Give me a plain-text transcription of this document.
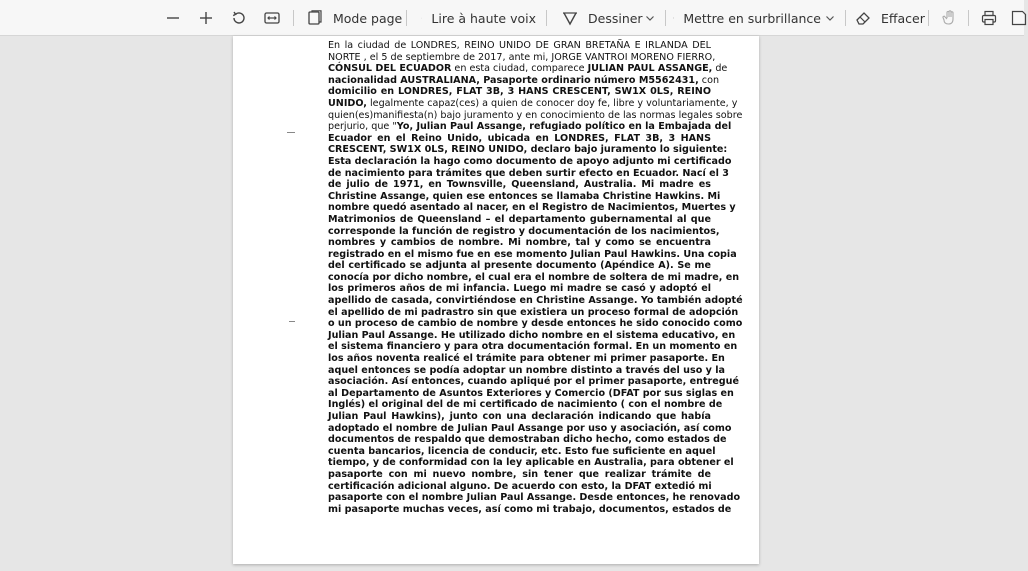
Mode page A Lire à haute voix	Dessiner	Mettre en surbrillance	Effacer
En la ciudad de LONDRES, REINO UNIDO DE GRAN BRETAÑA E IRLANDA DEL
NORTE , el 5 de septiembre de 2017, ante mi, JORGE VANTROI MORENO FIERRO,
CÓNSUL DEL ECUADOR en esta ciudad, comparece JULIAN PAUL ASSANGE, de
nacionalidad AUSTRALIANA, Pasaporte ordinario número M5562431, con
domicilio en LONDRES, FLAT 3B, 3 HANS CRESCENT, SW1X 0LS, REINO
UNIDO, legalmente capaz(ces) a quien de conocer doy fe, libre y voluntariamente, y
quien(es)manifiesta(n) bajo juramento y en conocimiento de las normas legales sobre
perjurio, que "Yo, Julian Paul Assange, refugiado político en la Embajada del
Ecuador en el Reino Unido, ubicada en LONDRES, FLAT 3B, 3 HANS
CRESCENT, SW1X 0LS, REINO UNIDO, declaro bajo juramento lo siguiente:
Esta declaración la hago como documento de apoyo adjunto mi certificado
de nacimiento para trámites que deben surtir efecto en Ecuador. Nací el 3
de julio de 1971, en Townsville, Queensland, Australia. Mi madre es
Christine Assange, quien ese entonces se llamaba Christine Hawkins. Mi
nombre quedó asentado al nacer, en el Registro de Nacimientos, Muertes y
Matrimonios de Queensland – el departamento gubernamental al que
corresponde la función de registro y documentación de los nacimientos,
nombres y cambios de nombre. Mi nombre, tal y como se encuentra
registrado en el mismo fue en ese momento Julian Paul Hawkins. Una copia
del certificado se adjunta al presente documento (Apéndice A). Se me
conocía por dicho nombre, el cual era el nombre de soltera de mi madre, en
los primeros años de mi infancia. Luego mi madre se casó y adoptó el
apellido de casada, convirtiéndose en Christine Assange. Yo también adopté
el apellido de mi padrastro sin que existiera un proceso formal de adopción
o un proceso de cambio de nombre y desde entonces he sido conocido como
Julian Paul Assange. He utilizado dicho nombre en el sistema educativo, en
el sistema financiero y para otra documentación formal. En un momento en
los años noventa realicé el trámite para obtener mi primer pasaporte. En
aquel entonces se podía adoptar un nombre distinto a través del uso y la
asociación. Así entonces, cuando apliqué por el primer pasaporte, entregué
al Departamento de Asuntos Exteriores y Comercio (DFAT por sus siglas en
Inglés) el original del de mi certificado de nacimiento ( con el nombre de
Julian Paul Hawkins), junto con una declaración indicando que había
adoptado el nombre de Julian Paul Assange por uso y asociación, así como
documentos de respaldo que demostraban dicho hecho, como estados de
cuenta bancarios, licencia de conducir, etc. Esto fue suficiente en aquel
tiempo, y de conformidad con la ley aplicable en Australia, para obtener el
pasaporte con mi nuevo nombre, sin tener que realizar trámite de
certificación adicional alguno. De acuerdo con esto, la DFAT extedió mi
pasaporte con el nombre Julian Paul Assange. Desde entonces, he renovado
mi pasaporte muchas veces, así como mi trabajo, documentos, estados de
